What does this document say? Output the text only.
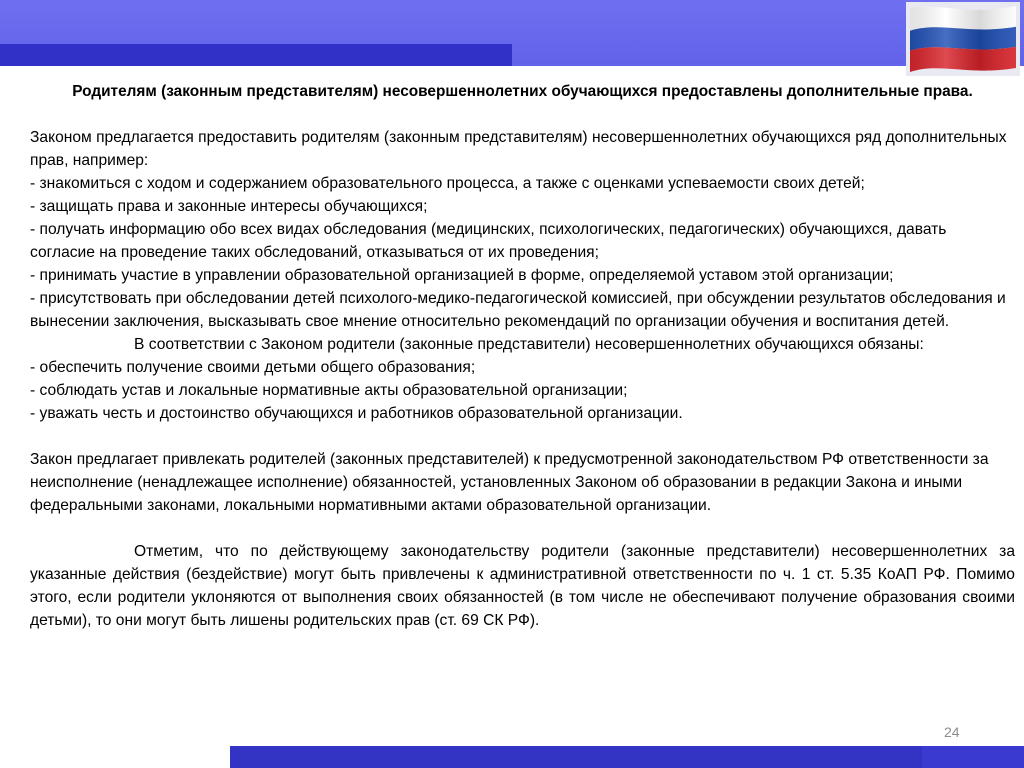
Родителям (законным представителям) несовершеннолетних обучающихся предоставлены дополнительные права.

Законом предлагается предоставить родителям (законным представителям) несовершеннолетних обучающихся ряд дополнительных прав, например:

- знакомиться с ходом и содержанием образовательного процесса, а также с оценками успеваемости своих детей;

- защищать права и законные интересы обучающихся;

- получать информацию обо всех видах обследования (медицинских, психологических, педагогических) обучающихся, давать согласие на проведение таких обследований, отказываться от их проведения;

- принимать участие в управлении образовательной организацией в форме, определяемой уставом этой организации;

- присутствовать при обследовании детей психолого-медико-педагогической комиссией, при обсуждении результатов обследования и вынесении заключения, высказывать свое мнение относительно рекомендаций по организации обучения и воспитания детей.

В соответствии с Законом родители (законные представители) несовершеннолетних обучающихся обязаны:

- обеспечить получение своими детьми общего образования;

- соблюдать устав и локальные нормативные акты образовательной организации;

- уважать честь и достоинство обучающихся и работников образовательной организации.

Закон предлагает привлекать родителей (законных представителей) к предусмотренной законодательством РФ ответственности за неисполнение (ненадлежащее исполнение) обязанностей, установленных Законом об образовании в редакции Закона и иными федеральными законами, локальными нормативными актами образовательной организации.

Отметим, что по действующему законодательству родители (законные представители) несовершеннолетних за указанные действия (бездействие) могут быть привлечены к административной ответственности по ч. 1 ст. 5.35 КоАП РФ. Помимо этого, если родители уклоняются от выполнения своих обязанностей (в том числе не обеспечивают получение образования своими детьми), то они могут быть лишены родительских прав (ст. 69 СК РФ).

24
